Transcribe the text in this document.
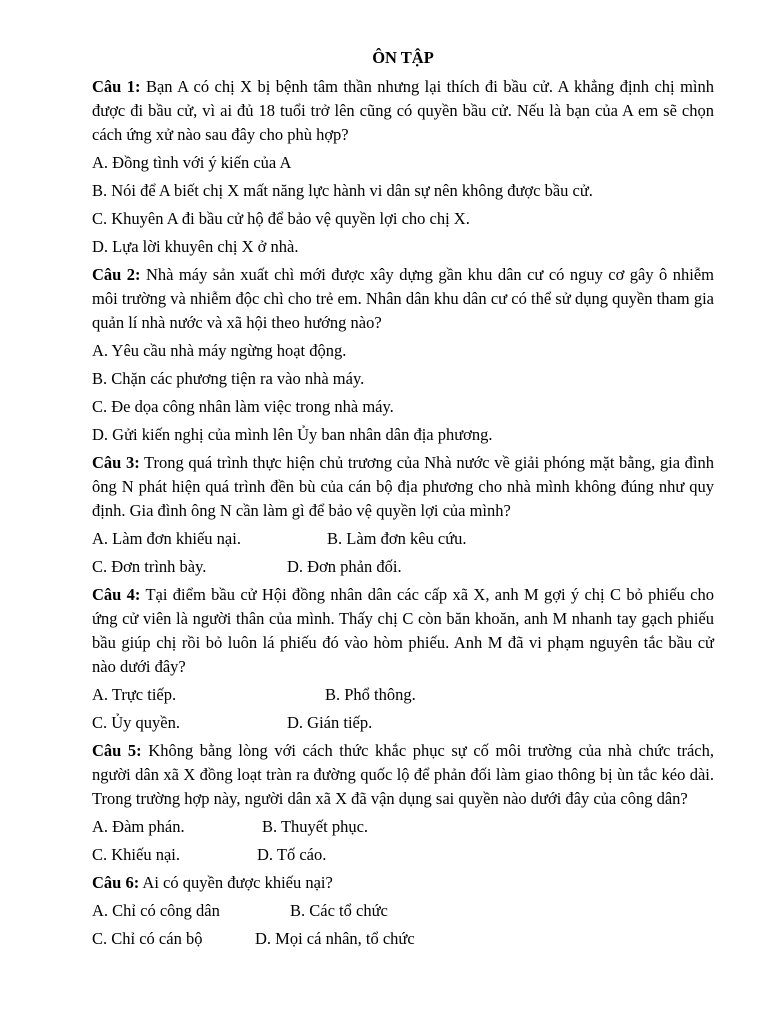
ÔN TẬP
Câu 1: Bạn A có chị X bị bệnh tâm thần nhưng lại thích đi bầu cử. A khẳng định chị mình được đi bầu cử, vì ai đủ 18 tuổi trở lên cũng có quyền bầu cử. Nếu là bạn của A em sẽ chọn cách ứng xử nào sau đây cho phù hợp?
A. Đồng tình với ý kiến của A
B. Nói để A biết chị X mất năng lực hành vi dân sự nên không được bầu cử.
C. Khuyên A đi bầu cử hộ để bảo vệ quyền lợi cho chị X.
D. Lựa lời khuyên chị X ở nhà.
Câu 2: Nhà máy sản xuất chì mới được xây dựng gần khu dân cư có nguy cơ gây ô nhiễm môi trường và nhiễm độc chì cho trẻ em. Nhân dân khu dân cư có thể sử dụng quyền tham gia quản lí nhà nước và xã hội theo hướng nào?
A. Yêu cầu nhà máy ngừng hoạt động.
B. Chặn các phương tiện ra vào nhà máy.
C. Đe dọa công nhân làm việc trong nhà máy.
D. Gửi kiến nghị của mình lên Ủy ban nhân dân địa phương.
Câu 3: Trong quá trình thực hiện chủ trương của Nhà nước về giải phóng mặt bằng, gia đình ông N phát hiện quá trình đền bù của cán bộ địa phương cho nhà mình không đúng như quy định. Gia đình ông N cần làm gì để bảo vệ quyền lợi của mình?
A. Làm đơn khiếu nại.	B. Làm đơn kêu cứu.
C. Đơn trình bày.	D. Đơn phản đối.
Câu 4: Tại điểm bầu cử Hội đồng nhân dân các cấp xã X, anh M gợi ý chị C bỏ phiếu cho ứng cử viên là người thân của mình. Thấy chị C còn băn khoăn, anh M nhanh tay gạch phiếu bầu giúp chị rồi bỏ luôn lá phiếu đó vào hòm phiếu. Anh M đã vi phạm nguyên tắc bầu cử nào dưới đây?
A. Trực tiếp.	B. Phổ thông.
C. Ủy quyền.	D. Gián tiếp.
Câu 5: Không bằng lòng với cách thức khắc phục sự cố môi trường của nhà chức trách, người dân xã X đồng loạt tràn ra đường quốc lộ để phản đối làm giao thông bị ùn tắc kéo dài. Trong trường hợp này, người dân xã X đã vận dụng sai quyền nào dưới đây của công dân?
A. Đàm phán.	B. Thuyết phục.
C. Khiếu nại.	D. Tố cáo.
Câu 6: Ai có quyền được khiếu nại?
A. Chỉ có công dân	B. Các tổ chức
C. Chỉ có cán bộ	D. Mọi cá nhân, tổ chức
